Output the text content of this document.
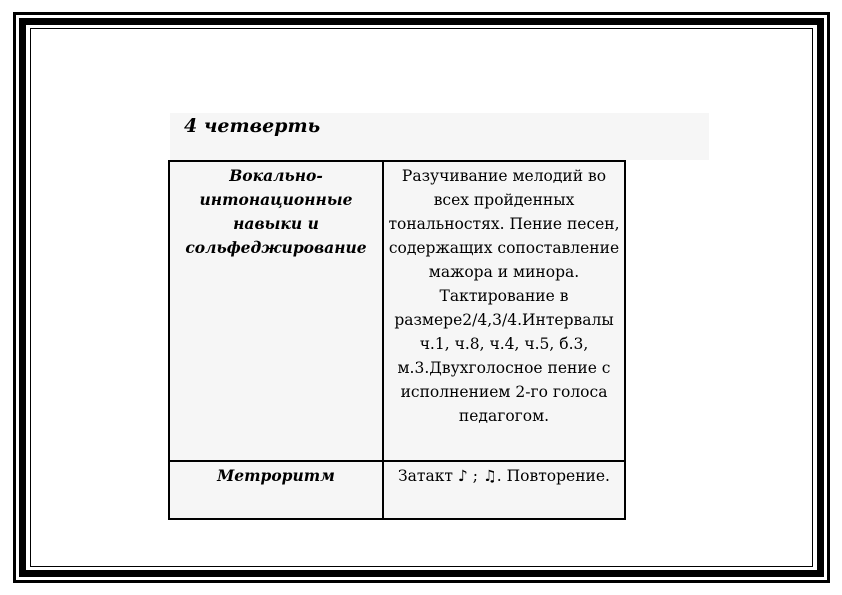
4 четверть
Вокально-интонационные навыки и сольфеджирование	Разучивание мелодий во всех пройденных тональностях. Пение песен, содержащих сопоставление мажора и минора. Тактирование в размере2/4,3/4.Интервалы ч.1, ч.8, ч.4, ч.5, б.3, м.3.Двухголосное пение с исполнением 2-го голоса педагогом.

Метроритм	Затакт ♪ ; ♫. Повторение.
